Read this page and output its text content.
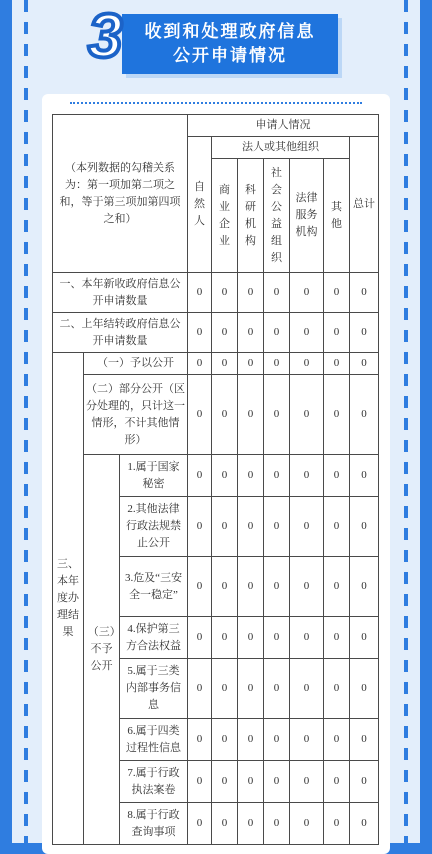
3 收到和处理政府信息
公开申请情况
（本列数据的勾稽关系为：第一项加第二项之和，等于第三项加第四项之和）			申请人情况						
			自然人	法人或其他组织					总计
				商业企业	科研机构	社会公益组织	法律服务机构	其他	
一、本年新收政府信息公开申请数量			0	0	0	0	0	0	0
二、上年结转政府信息公开申请数量			0	0	0	0	0	0	0
三、本年度办理结果	（一）予以公开		0	0	0	0	0	0	0
	（二）部分公开（区分处理的，只计这一情形，不计其他情形）		0	0	0	0	0	0	0
	（三）不予公开	1.属于国家秘密	0	0	0	0	0	0	0
		2.其他法律行政法规禁止公开	0	0	0	0	0	0	0
		3.危及“三安全一稳定”	0	0	0	0	0	0	0
		4.保护第三方合法权益	0	0	0	0	0	0	0
		5.属于三类内部事务信息	0	0	0	0	0	0	0
		6.属于四类过程性信息	0	0	0	0	0	0	0
		7.属于行政执法案卷	0	0	0	0	0	0	0
		8.属于行政查询事项	0	0	0	0	0	0	0
